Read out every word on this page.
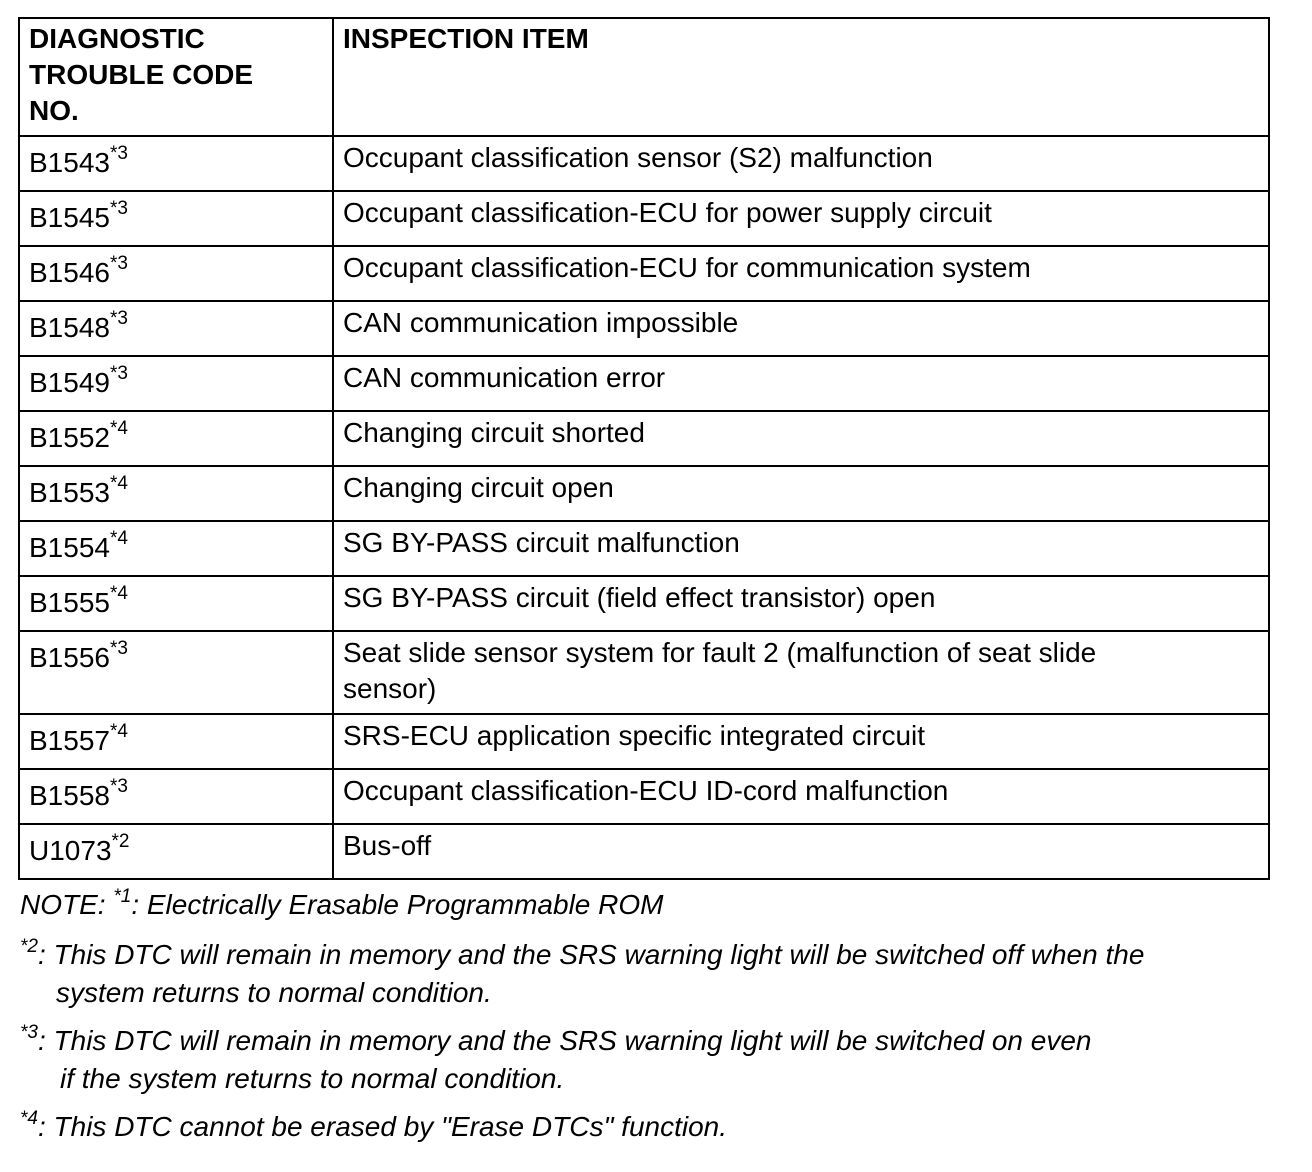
DIAGNOSTIC
TROUBLE CODE
NO.	INSPECTION ITEM
B1543$^{*3}$	Occupant classification sensor (S2) malfunction
B1545$^{*3}$	Occupant classification-ECU for power supply circuit
B1546$^{*3}$	Occupant classification-ECU for communication system
B1548$^{*3}$	CAN communication impossible
B1549$^{*3}$	CAN communication error
B1552$^{*4}$	Changing circuit shorted
B1553$^{*4}$	Changing circuit open
B1554$^{*4}$	SG BY-PASS circuit malfunction
B1555$^{*4}$	SG BY-PASS circuit (field effect transistor) open
B1556$^{*3}$	Seat slide sensor system for fault 2 (malfunction of seat slide
sensor)
B1557$^{*4}$	SRS-ECU application specific integrated circuit
B1558$^{*3}$	Occupant classification-ECU ID-cord malfunction
U1073$^{*2}$	Bus-off

NOTE: $^{*1}$: Electrically Erasable Programmable ROM

$^{*2}$: This DTC will remain in memory and the SRS warning light will be switched off when the

system returns to normal condition.

$^{*3}$: This DTC will remain in memory and the SRS warning light will be switched on even

if the system returns to normal condition.

$^{*4}$: This DTC cannot be erased by "Erase DTCs" function.
